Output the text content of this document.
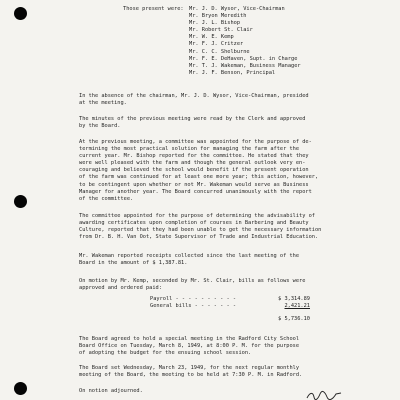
Those present were:	Mr. J. D. Wysor, Vice-Chairman
Mr. Bryon Meredith
Mr. J. L. Bishop
Mr. Robert St. Clair
Mr. W. E. Kemp
Mr. F. J. Critzer
Mr. C. C. Shelburne
Mr. F. E. DeHaven, Supt. in Charge
Mr. T. J. Wakeman, Business Manager
Mr. J. F. Benson, Principal

In the absence of the chairman, Mr. J. D. Wysor, Vice-Chairman, presided

at the meeting.

The minutes of the previous meeting were read by the Clerk and approved

by the Board.

At the previous meeting, a committee was appointed for the purpose of de-

termining the most practical solution for managing the farm after the

current year. Mr. Bishop reported for the committee. He stated that they

were well pleased with the farm and though the general outlook very en-

couraging and believed the school would benefit if the present operation

of the farm was continued for at least one more year; this action, however,

to be contingent upon whether or not Mr. Wakeman would serve as Business

Manager for another year. The Board concurred unanimously with the report

of the committee.

The committee appointed for the purpose of determining the advisability of

awarding certificates upon completion of courses in Barbering and Beauty

Culture, reported that they had been unable to get the necessary information

from Dr. B. H. Van Oot, State Supervisor of Trade and Industrial Education.

Mr. Wakeman reported receipts collected since the last meeting of the

Board in the amount of $ 1,387.81.

On motion by Mr. Kemp, seconded by Mr. St. Clair, bills as follows were

approved and ordered paid:

Payroll - - - - - - - - - -	$ 3,314.89
General bills - - - - - - -	2,421.21
$ 5,736.10

The Board agreed to hold a special meeting in the Radford City School

Board Office on Tuesday, March 8, 1949, at 8:00 P. M. for the purpose

of adopting the budget for the ensuing school session.

The Board set Wednesday, March 23, 1949, for the next regular monthly

meeting of the Board, the meeting to be held at 7:30 P. M. in Radford.

On notion adjourned.
